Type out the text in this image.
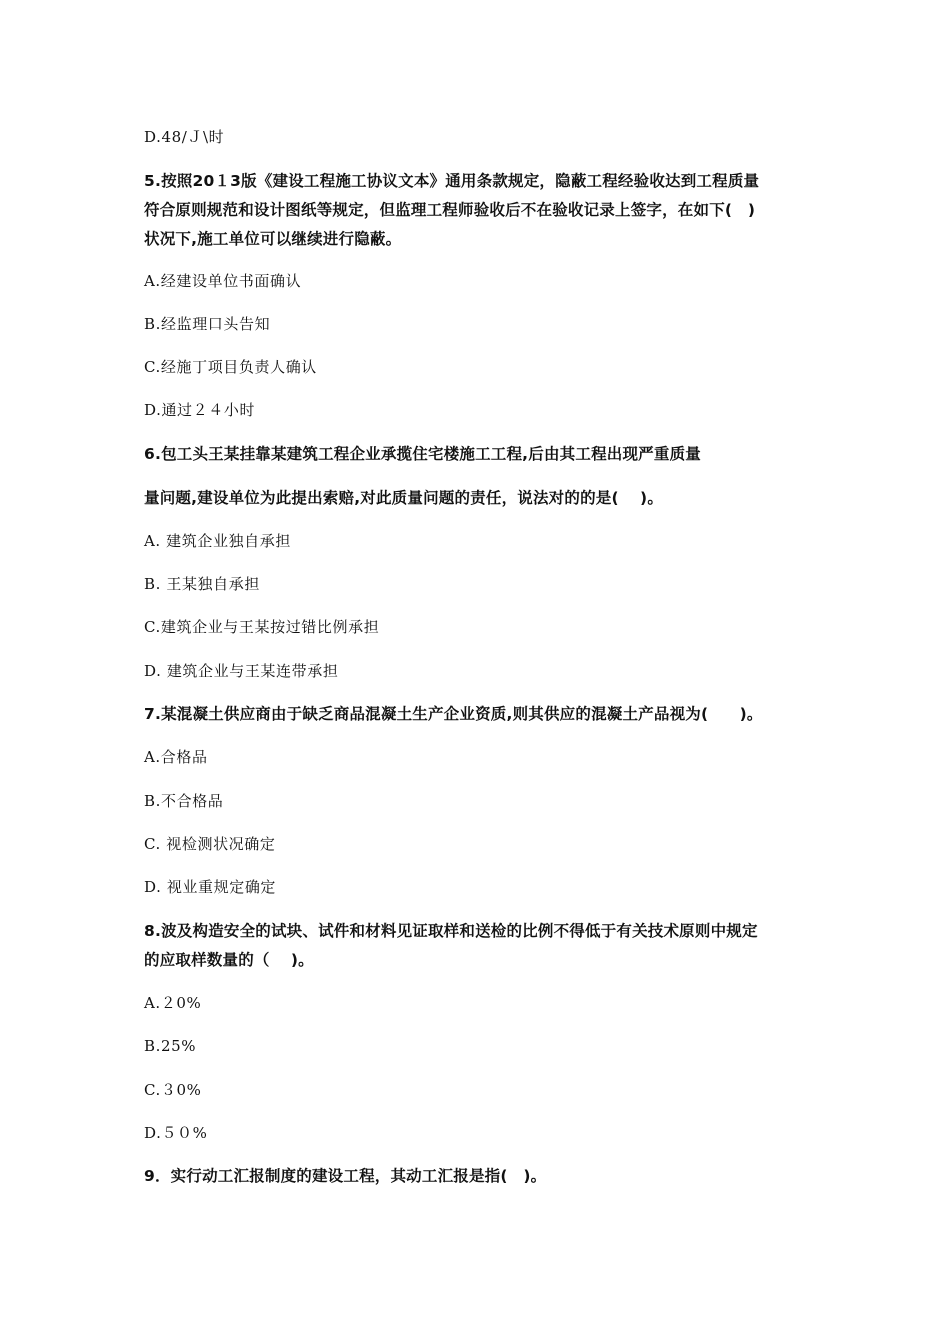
D.48/Ｊ\时
5.按照20１3版《建设工程施工协议文本》通用条款规定，隐蔽工程经验收达到工程质量
符合原则规范和设计图纸等规定，但监理工程师验收后不在验收记录上签字，在如下(　)
状况下,施工单位可以继续进行隐蔽。
A.经建设单位书面确认
B.经监理口头告知
C.经施丁项目负责人确认
D.通过２４小时
6.包工头王某挂靠某建筑工程企业承揽住宅楼施工工程,后由其工程出现严重质量
量问题,建设单位为此提出索赔,对此质量问题的责任，说法对的的是(　 )。
A. 建筑企业独自承担
B. 王某独自承担
C.建筑企业与王某按过错比例承担
D. 建筑企业与王某连带承担
7.某混凝土供应商由于缺乏商品混凝土生产企业资质,则其供应的混凝土产品视为(　　)。
A.合格品
B.不合格品
C. 视检测状况确定
D. 视业重规定确定
8.波及构造安全的试块、试件和材料见证取样和送检的比例不得低于有关技术原则中规定
的应取样数量的（　 )。
A.２0%
B.25%
C.３0%
D.５０%
9．实行动工汇报制度的建设工程，其动工汇报是指(　)。
